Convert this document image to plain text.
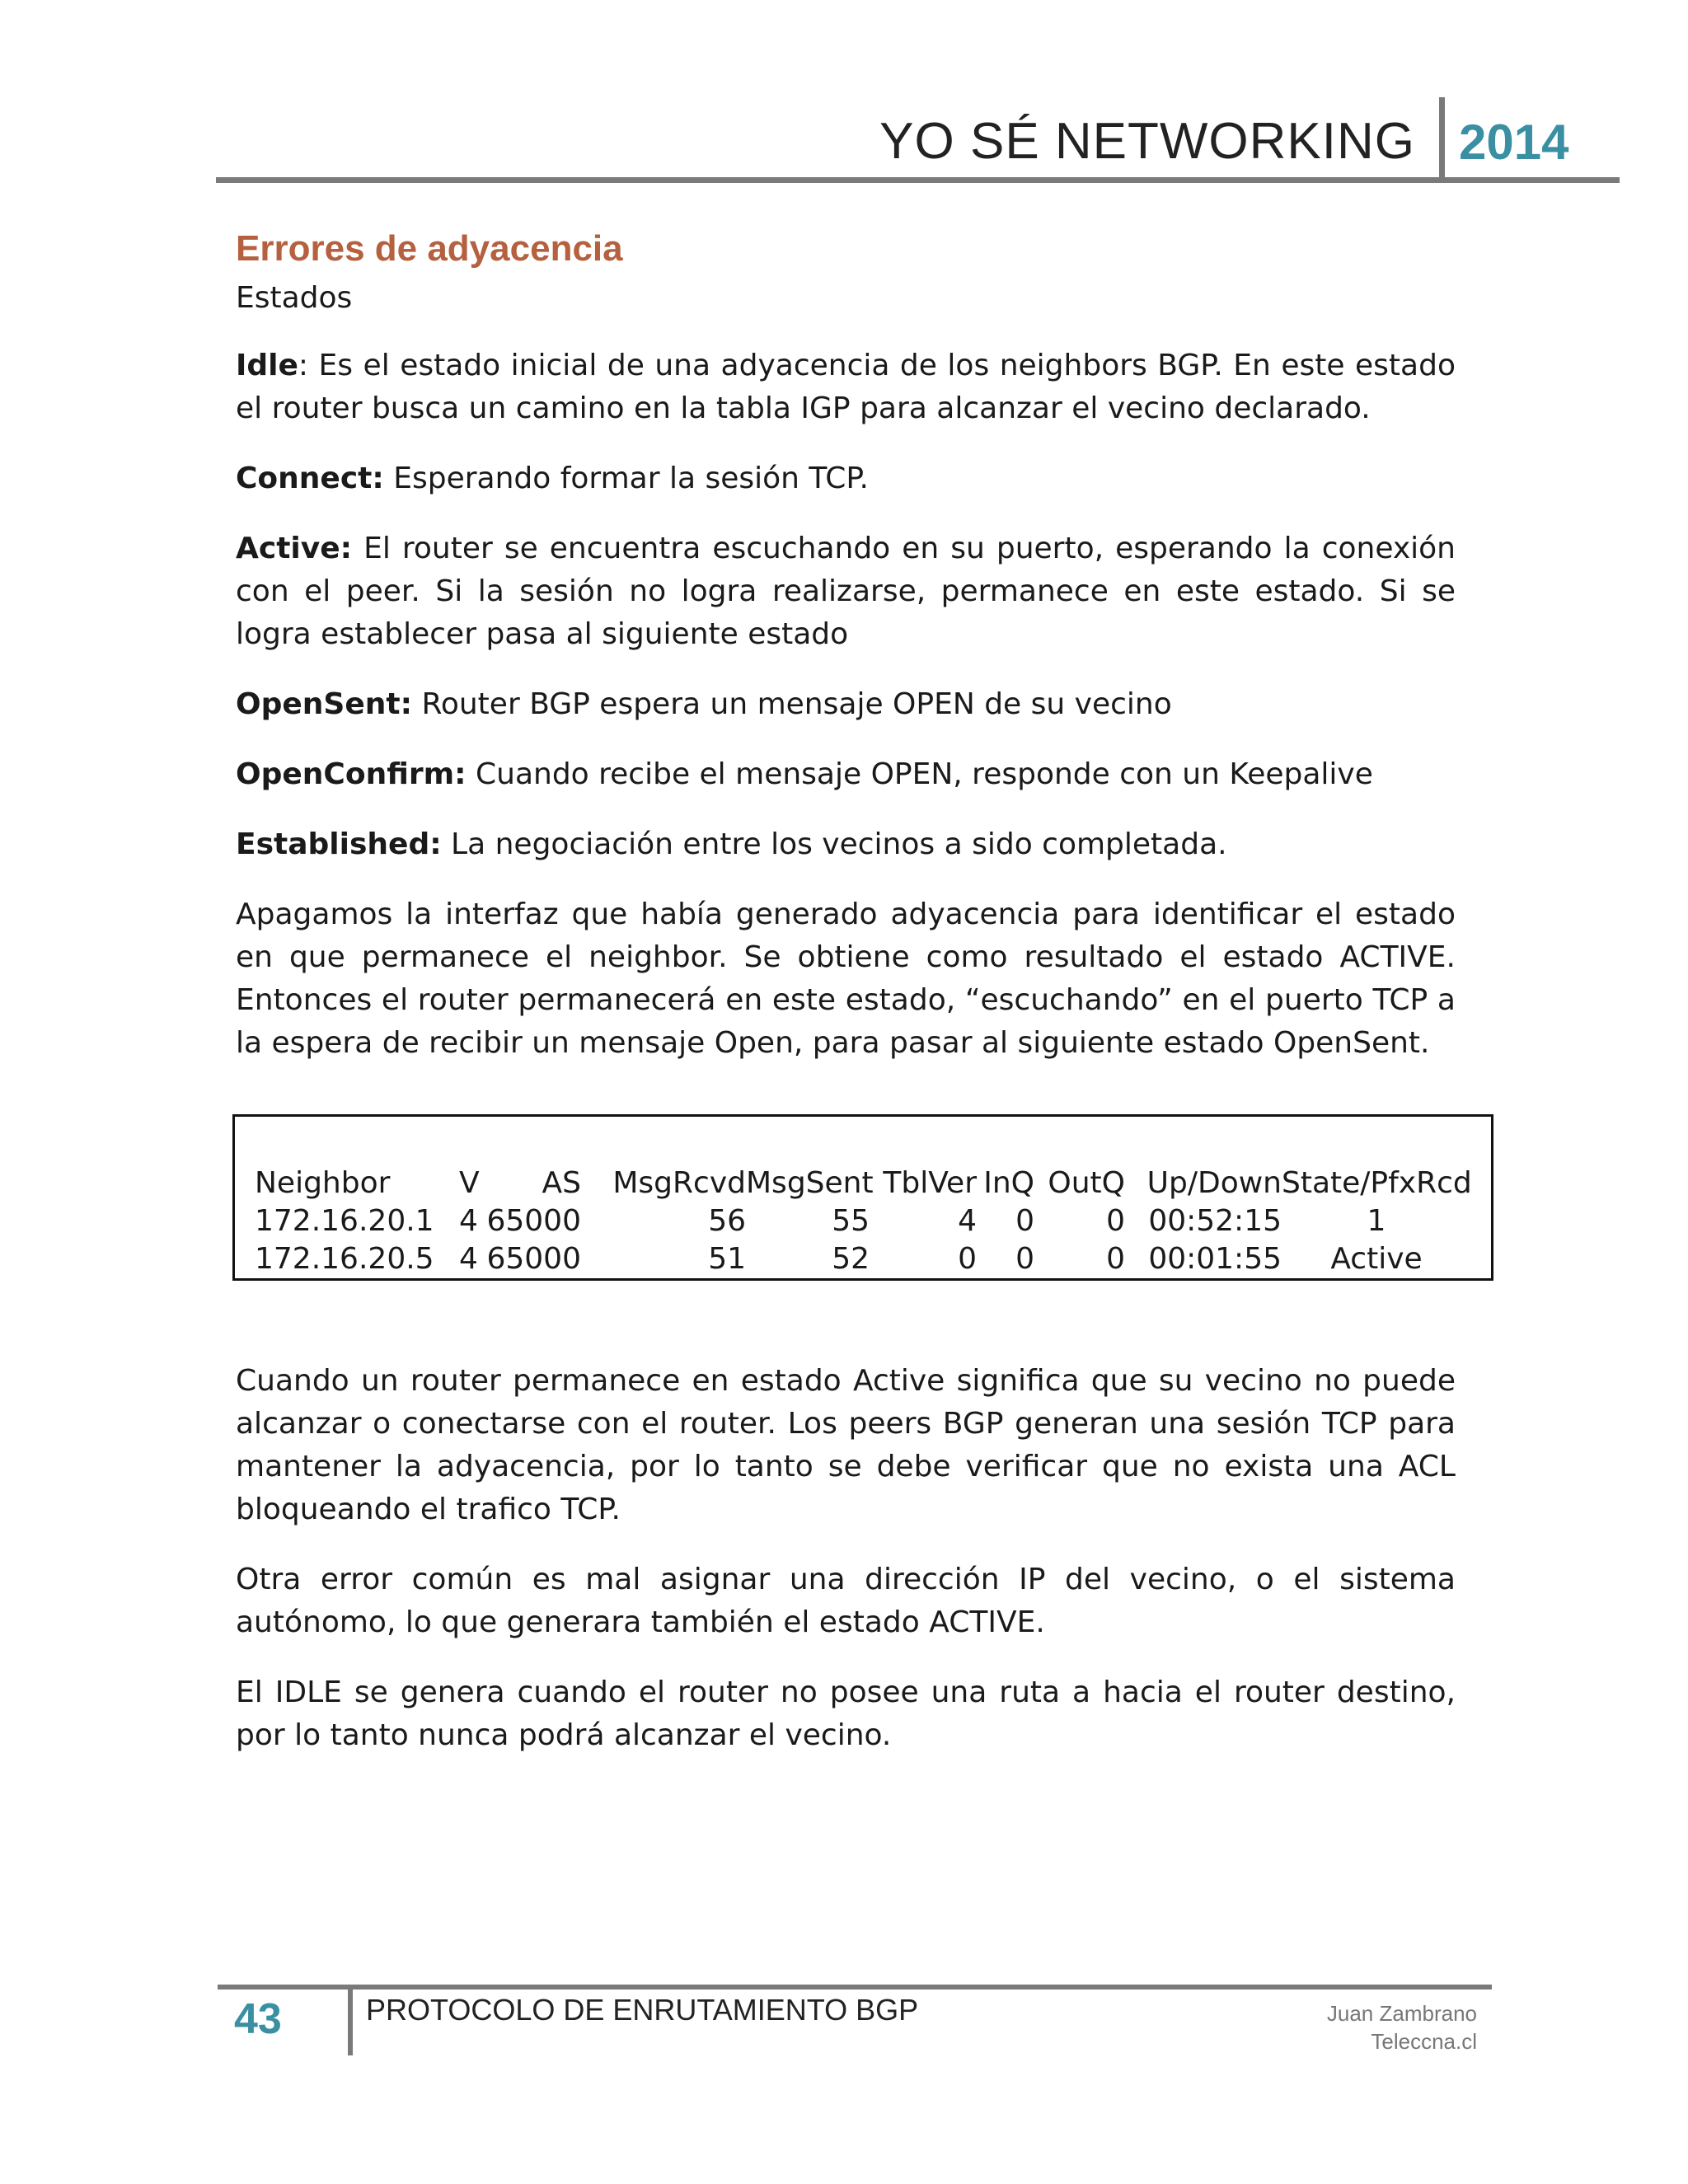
YO SÉ NETWORKING 2014
Errores de adyacencia
Estados

Idle: Es el estado inicial de una adyacencia de los neighbors BGP. En este estado el router busca un camino en la tabla IGP para alcanzar el vecino declarado.

Connect: Esperando formar la sesión TCP.

Active: El router se encuentra escuchando en su puerto, esperando la conexión con el peer. Si la sesión no logra realizarse, permanece en este estado. Si se logra establecer pasa al siguiente estado

OpenSent: Router BGP espera un mensaje OPEN de su vecino

OpenConfirm: Cuando recibe el mensaje OPEN, responde con un Keepalive

Established: La negociación entre los vecinos a sido completada.

Apagamos la interfaz que había generado adyacencia para identificar el estado en que permanece el neighbor. Se obtiene como resultado el estado ACTIVE. Entonces el router permanecerá en este estado, “escuchando” en el puerto TCP a la espera de recibir un mensaje Open, para pasar al siguiente estado OpenSent.

Neighbor	V	AS	MsgRcvd MsgSent TblVer InQ OutQ Up/Down State/PfxRcd
172.16.20.1 4 65000	56	55	4	0	0 00:52:15	1
172.16.20.5 4 65000	51	52	0	0	0 00:01:55	Active

Cuando un router permanece en estado Active significa que su vecino no puede alcanzar o conectarse con el router. Los peers BGP generan una sesión TCP para mantener la adyacencia, por lo tanto se debe verificar que no exista una ACL bloqueando el trafico TCP.

Otra error común es mal asignar una dirección IP del vecino, o el sistema autónomo, lo que generara también el estado ACTIVE.

El IDLE se genera cuando el router no posee una ruta a hacia el router destino, por lo tanto nunca podrá alcanzar el vecino.

43	PROTOCOLO DE ENRUTAMIENTO BGP	Juan Zambrano
Teleccna.cl
